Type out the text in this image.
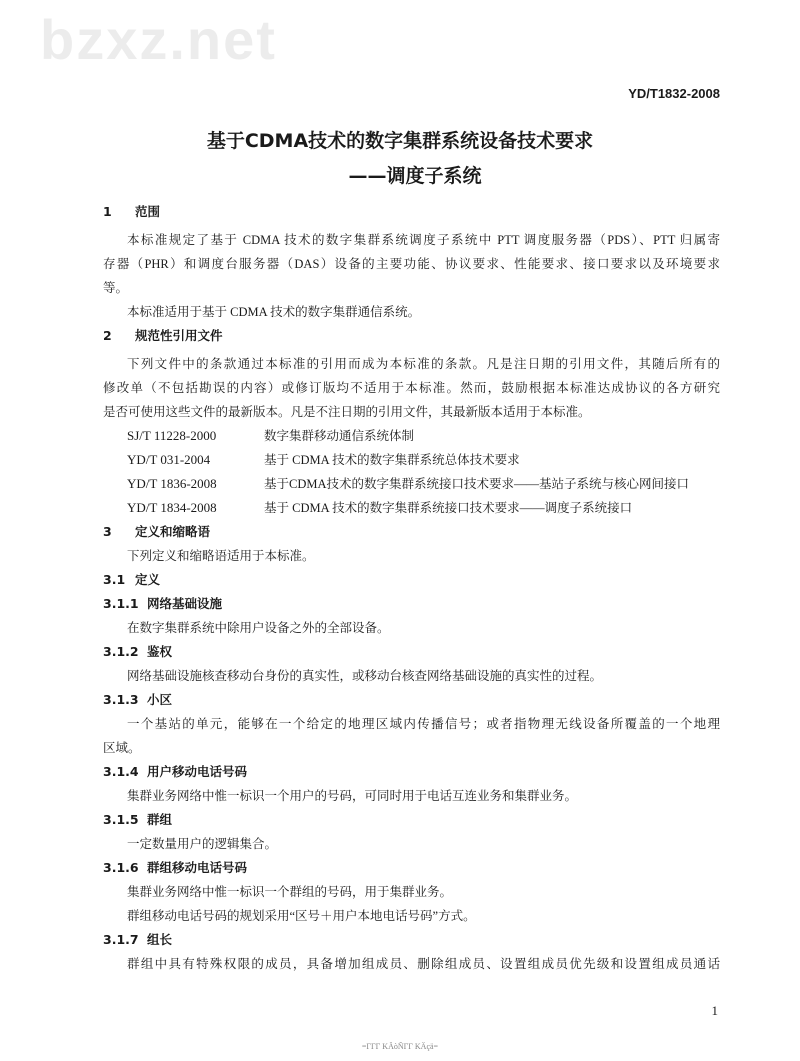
bzxz.net
YD/T1832-2008
基于CDMA技术的数字集群系统设备技术要求
——调度子系统
1 范围
本标准规定了基于 CDMA 技术的数字集群系统调度子系统中 PTT 调度服务器（PDS）、PTT 归属寄
存器（PHR）和调度台服务器（DAS）设备的主要功能、协议要求、性能要求、接口要求以及环境要求
等。
本标准适用于基于 CDMA 技术的数字集群通信系统。
2 规范性引用文件
下列文件中的条款通过本标准的引用而成为本标准的条款。凡是注日期的引用文件，其随后所有的
修改单（不包括勘误的内容）或修订版均不适用于本标准。然而，鼓励根据本标准达成协议的各方研究
是否可使用这些文件的最新版本。凡是不注日期的引用文件，其最新版本适用于本标准。
SJ/T 11228-2000	数字集群移动通信系统体制
YD/T 031-2004	基于 CDMA 技术的数字集群系统总体技术要求
YD/T 1836-2008	基于CDMA技术的数字集群系统接口技术要求——基站子系统与核心网间接口
YD/T 1834-2008	基于 CDMA 技术的数字集群系统接口技术要求——调度子系统接口
3 定义和缩略语
下列定义和缩略语适用于本标准。
3.1 定义
3.1.1 网络基础设施
在数字集群系统中除用户设备之外的全部设备。
3.1.2 鉴权
网络基础设施核查移动台身份的真实性，或移动台核查网络基础设施的真实性的过程。
3.1.3 小区
一个基站的单元，能够在一个给定的地理区域内传播信号；或者指物理无线设备所覆盖的一个地理
区域。
3.1.4 用户移动电话号码
集群业务网络中惟一标识一个用户的号码，可同时用于电话互连业务和集群业务。
3.1.5 群组
一定数量用户的逻辑集合。
3.1.6 群组移动电话号码
集群业务网络中惟一标识一个群组的号码，用于集群业务。
群组移动电话号码的规划采用“区号＋用户本地电话号码”方式。
3.1.7 组长
群组中具有特殊权限的成员，具备增加组成员、删除组成员、设置组成员优先级和设置组成员通话
1
=ΓΓΓ KÄòÑΓΓ KÄçä=
